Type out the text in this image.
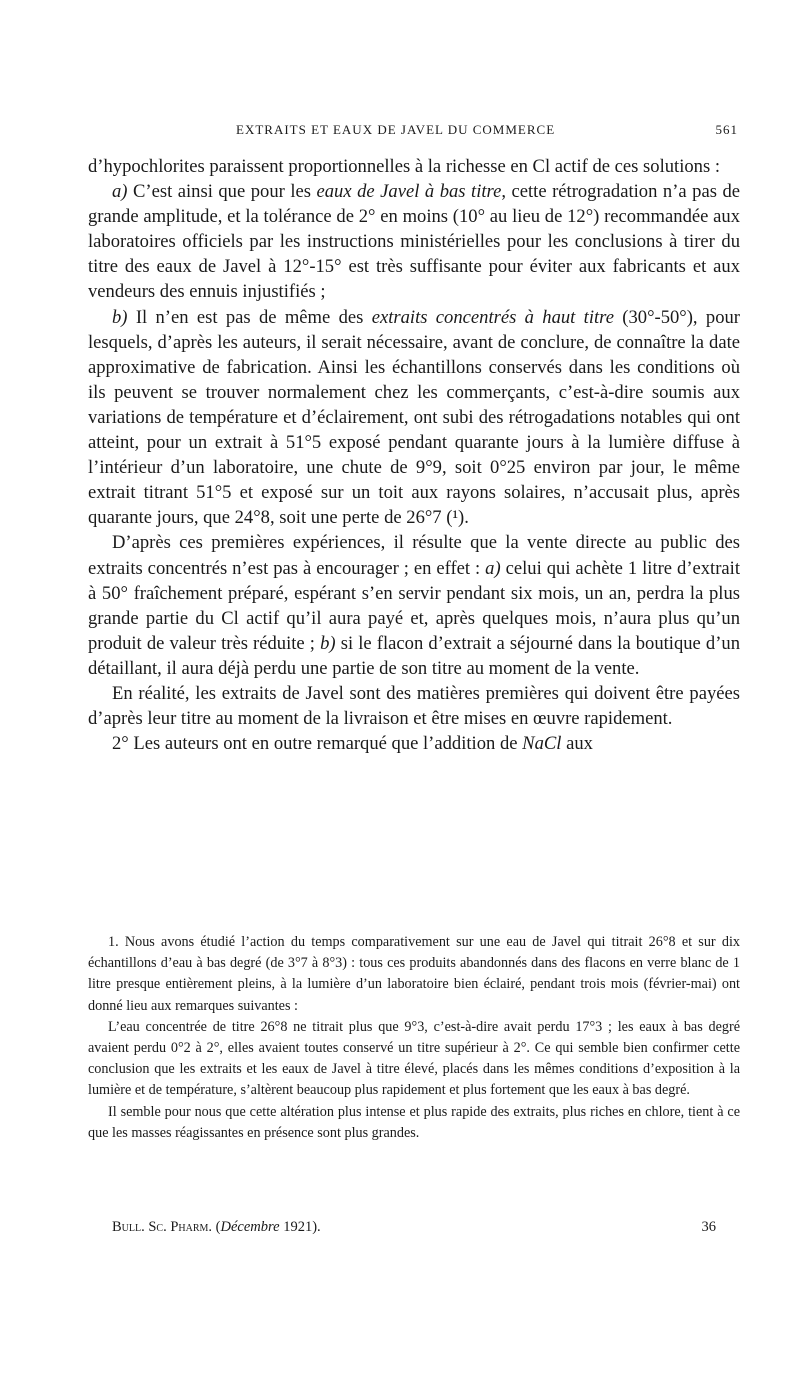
EXTRAITS ET EAUX DE JAVEL DU COMMERCE	561

d’hypochlorites paraissent proportionnelles à la richesse en Cl actif de ces solutions :

a) C’est ainsi que pour les eaux de Javel à bas titre, cette rétrogradation n’a pas de grande amplitude, et la tolérance de 2° en moins (10° au lieu de 12°) recommandée aux laboratoires officiels par les instructions ministérielles pour les conclusions à tirer du titre des eaux de Javel à 12°-15° est très suffisante pour éviter aux fabricants et aux vendeurs des ennuis injustifiés ;

b) Il n’en est pas de même des extraits concentrés à haut titre (30°-50°), pour lesquels, d’après les auteurs, il serait nécessaire, avant de conclure, de connaître la date approximative de fabrication. Ainsi les échantillons conservés dans les conditions où ils peuvent se trouver normalement chez les commerçants, c’est-à-dire soumis aux variations de température et d’éclairement, ont subi des rétrogadations notables qui ont atteint, pour un extrait à 51°5 exposé pendant quarante jours à la lumière diffuse à l’intérieur d’un laboratoire, une chute de 9°9, soit 0°25 environ par jour, le même extrait titrant 51°5 et exposé sur un toit aux rayons solaires, n’accusait plus, après quarante jours, que 24°8, soit une perte de 26°7 (¹).

D’après ces premières expériences, il résulte que la vente directe au public des extraits concentrés n’est pas à encourager ; en effet : a) celui qui achète 1 litre d’extrait à 50° fraîchement préparé, espérant s’en servir pendant six mois, un an, perdra la plus grande partie du Cl actif qu’il aura payé et, après quelques mois, n’aura plus qu’un produit de valeur très réduite ; b) si le flacon d’extrait a séjourné dans la boutique d’un détaillant, il aura déjà perdu une partie de son titre au moment de la vente.

En réalité, les extraits de Javel sont des matières premières qui doivent être payées d’après leur titre au moment de la livraison et être mises en œuvre rapidement.

2° Les auteurs ont en outre remarqué que l’addition de NaCl aux

1. Nous avons étudié l’action du temps comparativement sur une eau de Javel qui titrait 26°8 et sur dix échantillons d’eau à bas degré (de 3°7 à 8°3) : tous ces produits abandonnés dans des flacons en verre blanc de 1 litre presque entièrement pleins, à la lumière d’un laboratoire bien éclairé, pendant trois mois (février-mai) ont donné lieu aux remarques suivantes :

L’eau concentrée de titre 26°8 ne titrait plus que 9°3, c’est-à-dire avait perdu 17°3 ; les eaux à bas degré avaient perdu 0°2 à 2°, elles avaient toutes conservé un titre supérieur à 2°. Ce qui semble bien confirmer cette conclusion que les extraits et les eaux de Javel à titre élevé, placés dans les mêmes conditions d’exposition à la lumière et de température, s’altèrent beaucoup plus rapidement et plus fortement que les eaux à bas degré.

Il semble pour nous que cette altération plus intense et plus rapide des extraits, plus riches en chlore, tient à ce que les masses réagissantes en présence sont plus grandes.

Bull. Sc. Pharm. (Décembre 1921).	36
